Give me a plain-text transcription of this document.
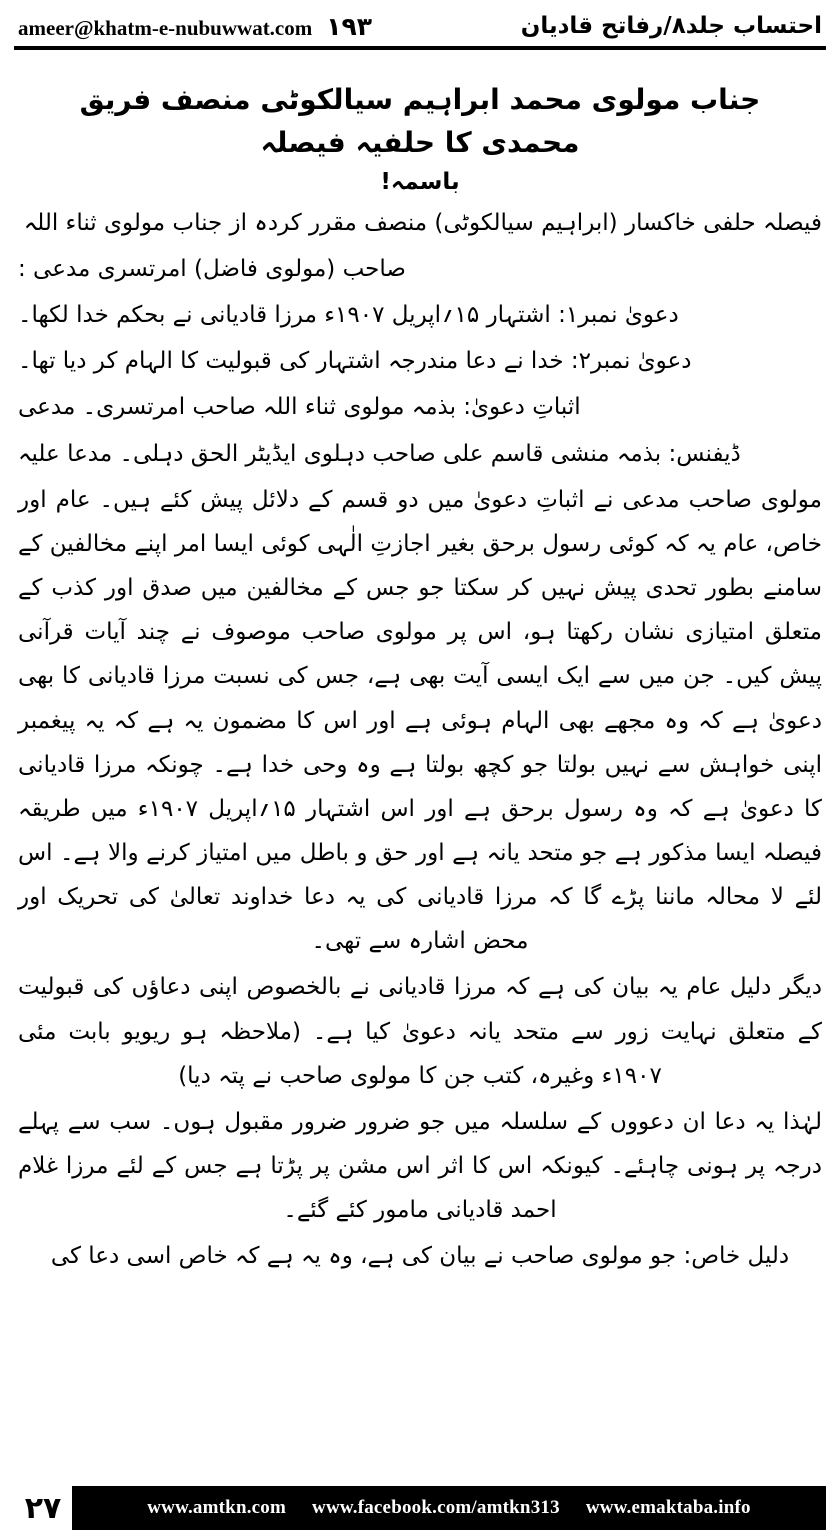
ameer@khatm-e-nubuwwat.com ۱۹۳	احتساب جلد۸/رفاتح قادیان
جناب مولوی محمد ابراہیم سیالکوٹی منصف فریق محمدی کا حلفیہ فیصلہ
باسمہ!

فیصلہ حلفی خاکسار (ابراہیم سیالکوٹی) منصف مقرر کردہ از جناب مولوی ثناء اللہ

صاحب (مولوی فاضل) امرتسری مدعی :

دعویٰ نمبر۱: اشتہار ۱۵؍اپریل ۱۹۰۷ء مرزا قادیانی نے بحکم خدا لکھا۔

دعویٰ نمبر۲: خدا نے دعا مندرجہ اشتہار کی قبولیت کا الہام کر دیا تھا۔

اثباتِ دعویٰ: بذمہ مولوی ثناء اللہ صاحب امرتسری۔ مدعی

ڈیفنس: بذمہ منشی قاسم علی صاحب دہلوی ایڈیٹر الحق دہلی۔ مدعا علیہ

مولوی صاحب مدعی نے اثباتِ دعویٰ میں دو قسم کے دلائل پیش کئے ہیں۔ عام اور خاص، عام یہ کہ کوئی رسول برحق بغیر اجازتِ الٰہی کوئی ایسا امر اپنے مخالفین کے سامنے بطور تحدی پیش نہیں کر سکتا جو جس کے مخالفین میں صدق اور کذب کے متعلق امتیازی نشان رکھتا ہو، اس پر مولوی صاحب موصوف نے چند آیات قرآنی پیش کیں۔ جن میں سے ایک ایسی آیت بھی ہے، جس کی نسبت مرزا قادیانی کا بھی دعویٰ ہے کہ وہ مجھے بھی الہام ہوئی ہے اور اس کا مضمون یہ ہے کہ یہ پیغمبر اپنی خواہش سے نہیں بولتا جو کچھ بولتا ہے وہ وحی خدا ہے۔ چونکہ مرزا قادیانی کا دعویٰ ہے کہ وہ رسول برحق ہے اور اس اشتہار ۱۵؍اپریل ۱۹۰۷ء میں طریقہ فیصلہ ایسا مذکور ہے جو متحد یانہ ہے اور حق و باطل میں امتیاز کرنے والا ہے۔ اس لئے لا محالہ ماننا پڑے گا کہ مرزا قادیانی کی یہ دعا خداوند تعالیٰ کی تحریک اور محض اشارہ سے تھی۔

دیگر دلیل عام یہ بیان کی ہے کہ مرزا قادیانی نے بالخصوص اپنی دعاؤں کی قبولیت کے متعلق نہایت زور سے متحد یانہ دعویٰ کیا ہے۔ (ملاحظہ ہو ریویو بابت مئی ۱۹۰۷ء وغیرہ، کتب جن کا مولوی صاحب نے پتہ دیا)

لہٰذا یہ دعا ان دعووں کے سلسلہ میں جو ضرور ضرور مقبول ہوں۔ سب سے پہلے درجہ پر ہونی چاہئے۔ کیونکہ اس کا اثر اس مشن پر پڑتا ہے جس کے لئے مرزا غلام احمد قادیانی مامور کئے گئے۔

دلیل خاص: جو مولوی صاحب نے بیان کی ہے، وہ یہ ہے کہ خاص اسی دعا کی

۲۷	www.amtkn.com www.facebook.com/amtkn313 www.emaktaba.info
